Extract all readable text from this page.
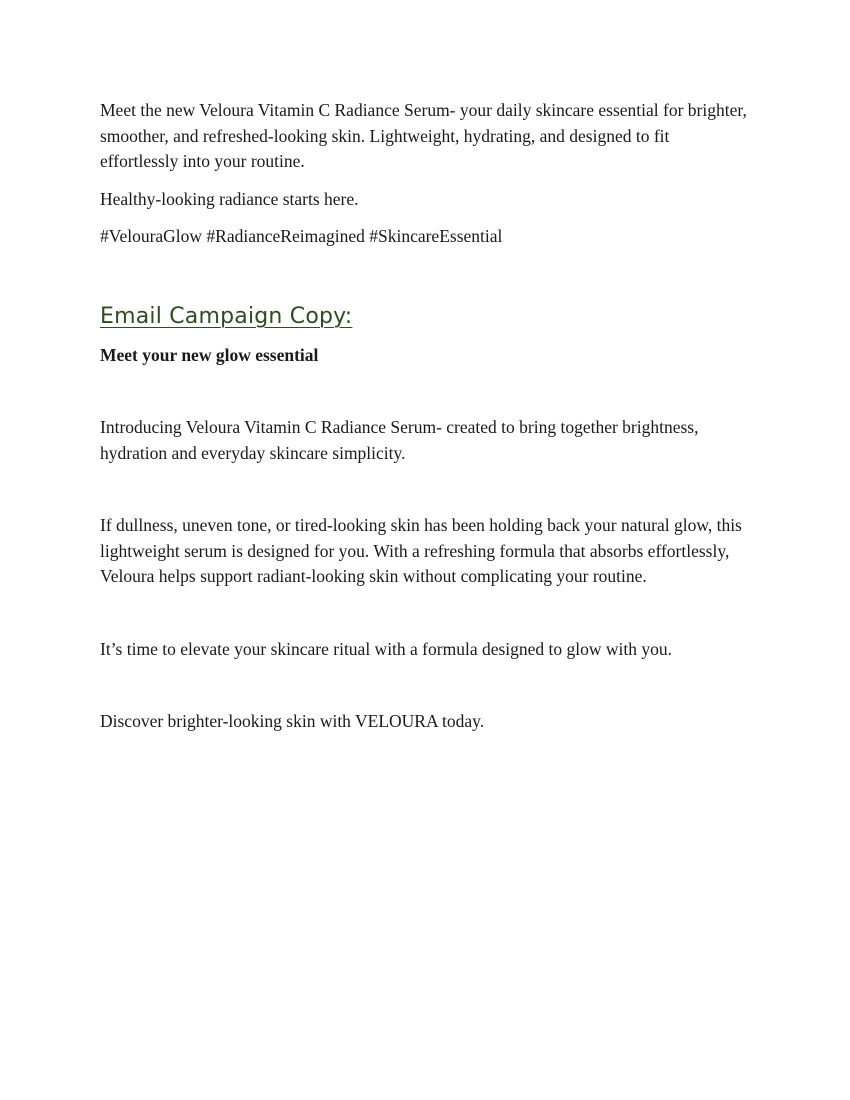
Meet the new Veloura Vitamin C Radiance Serum- your daily skincare essential for brighter, smoother, and refreshed-looking skin. Lightweight, hydrating, and designed to fit effortlessly into your routine.

Healthy-looking radiance starts here.

#VelouraGlow #RadianceReimagined #SkincareEssential

Email Campaign Copy:

Meet your new glow essential

Introducing Veloura Vitamin C Radiance Serum- created to bring together brightness, hydration and everyday skincare simplicity.

If dullness, uneven tone, or tired-looking skin has been holding back your natural glow, this lightweight serum is designed for you. With a refreshing formula that absorbs effortlessly, Veloura helps support radiant-looking skin without complicating your routine.

It’s time to elevate your skincare ritual with a formula designed to glow with you.

Discover brighter-looking skin with VELOURA today.
